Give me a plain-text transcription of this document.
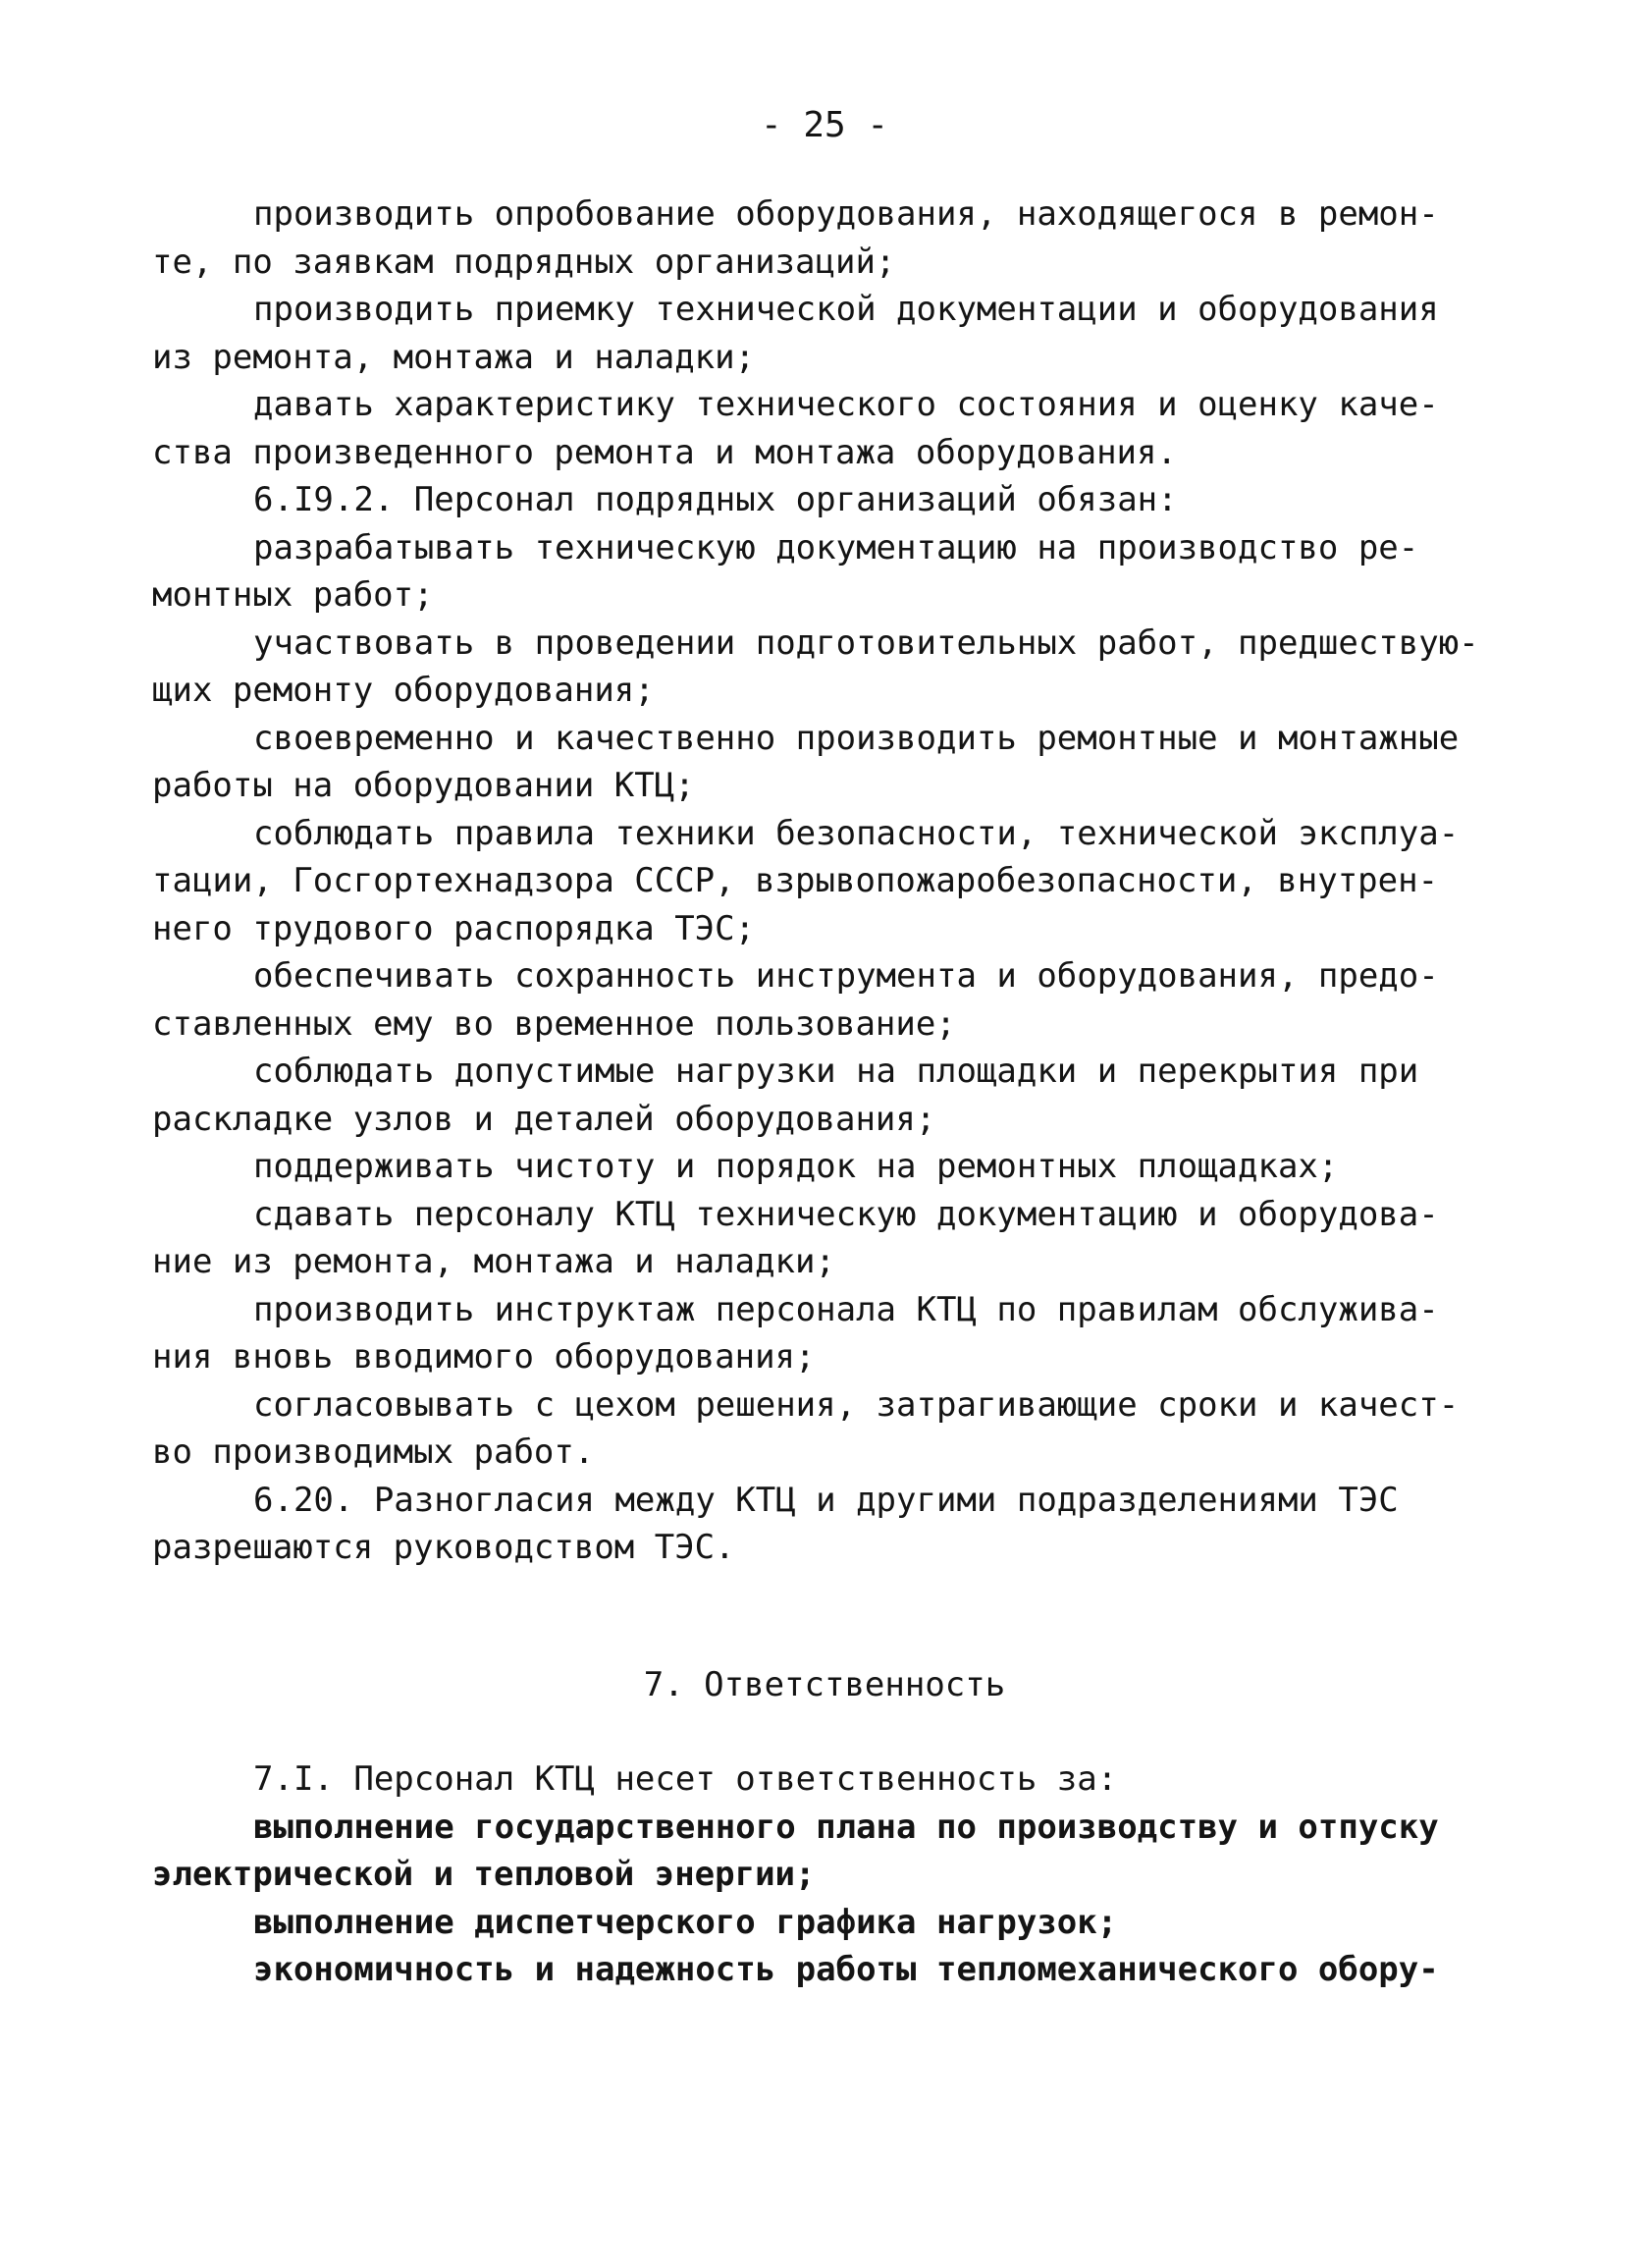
- 25 -
производить опробование оборудования, находящегося в ремон-
те, по заявкам подрядных организаций;
производить приемку технической документации и оборудования
из ремонта, монтажа и наладки;
давать характеристику технического состояния и оценку каче-
ства произведенного ремонта и монтажа оборудования.
6.I9.2. Персонал подрядных организаций обязан:
разрабатывать техническую документацию на производство ре-
монтных работ;
участвовать в проведении подготовительных работ, предшествую-
щих ремонту оборудования;
своевременно и качественно производить ремонтные и монтажные
работы на оборудовании КТЦ;
соблюдать правила техники безопасности, технической эксплуа-
тации, Госгортехнадзора СССР, взрывопожаробезопасности, внутрен-
него трудового распорядка ТЭС;
обеспечивать сохранность инструмента и оборудования, предо-
ставленных ему во временное пользование;
соблюдать допустимые нагрузки на площадки и перекрытия при
раскладке узлов и деталей оборудования;
поддерживать чистоту и порядок на ремонтных площадках;
сдавать персоналу КТЦ техническую документацию и оборудова-
ние из ремонта, монтажа и наладки;
производить инструктаж персонала КТЦ по правилам обслужива-
ния вновь вводимого оборудования;
согласовывать с цехом решения, затрагивающие сроки и качест-
во производимых работ.
6.20. Разногласия между КТЦ и другими подразделениями ТЭС
разрешаются руководством ТЭС.
7. Ответственность
7.I. Персонал КТЦ несет ответственность за:
выполнение государственного плана по производству и отпуску
электрической и тепловой энергии;
выполнение диспетчерского графика нагрузок;
экономичность и надежность работы тепломеханического обору-
